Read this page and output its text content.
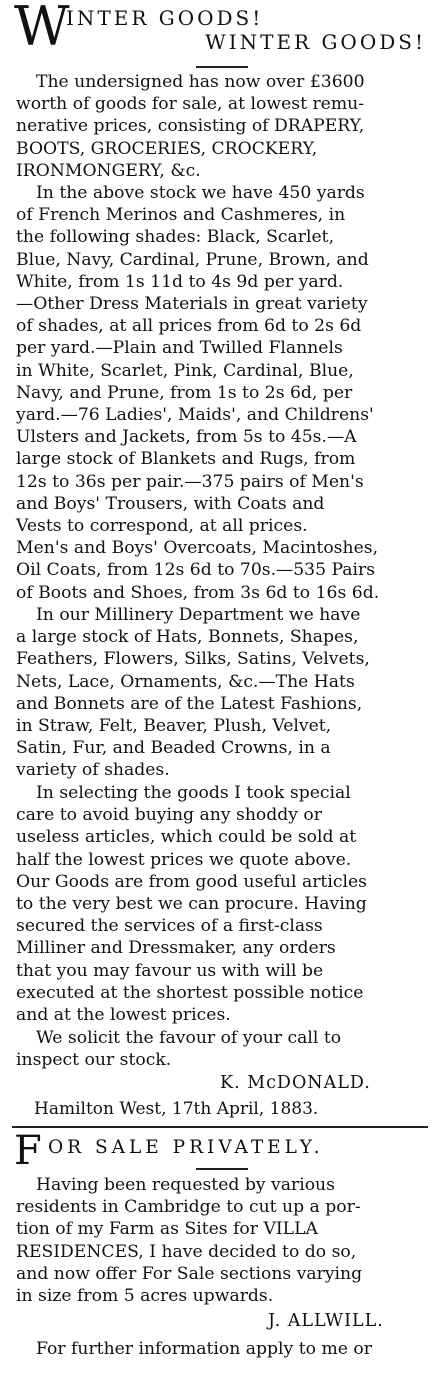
W
INTER GOODS!
WINTER GOODS!
The undersigned has now over £3600
worth of goods for sale, at lowest remu-
nerative prices, consisting of DRAPERY,
BOOTS, GROCERIES, CROCKERY,
IRONMONGERY, &c.
In the above stock we have 450 yards
of French Merinos and Cashmeres, in
the following shades: Black, Scarlet,
Blue, Navy, Cardinal, Prune, Brown, and
White, from 1s 11d to 4s 9d per yard.
—Other Dress Materials in great variety
of shades, at all prices from 6d to 2s 6d
per yard.—Plain and Twilled Flannels
in White, Scarlet, Pink, Cardinal, Blue,
Navy, and Prune, from 1s to 2s 6d, per
yard.—76 Ladies', Maids', and Childrens'
Ulsters and Jackets, from 5s to 45s.—A
large stock of Blankets and Rugs, from
12s to 36s per pair.—375 pairs of Men's
and Boys' Trousers, with Coats and
Vests to correspond, at all prices.
Men's and Boys' Overcoats, Macintoshes,
Oil Coats, from 12s 6d to 70s.—535 Pairs
of Boots and Shoes, from 3s 6d to 16s 6d.
In our Millinery Department we have
a large stock of Hats, Bonnets, Shapes,
Feathers, Flowers, Silks, Satins, Velvets,
Nets, Lace, Ornaments, &c.—The Hats
and Bonnets are of the Latest Fashions,
in Straw, Felt, Beaver, Plush, Velvet,
Satin, Fur, and Beaded Crowns, in a
variety of shades.
In selecting the goods I took special
care to avoid buying any shoddy or
useless articles, which could be sold at
half the lowest prices we quote above.
Our Goods are from good useful articles
to the very best we can procure. Having
secured the services of a first-class
Milliner and Dressmaker, any orders
that you may favour us with will be
executed at the shortest possible notice
and at the lowest prices.
We solicit the favour of your call to
inspect our stock.
K. McDONALD.
Hamilton West, 17th April, 1883.
F OR SALE PRIVATELY.
Having been requested by various
residents in Cambridge to cut up a por-
tion of my Farm as Sites for VILLA
RESIDENCES, I have decided to do so,
and now offer For Sale sections varying
in size from 5 acres upwards.
J. ALLWILL.
For further information apply to me or
